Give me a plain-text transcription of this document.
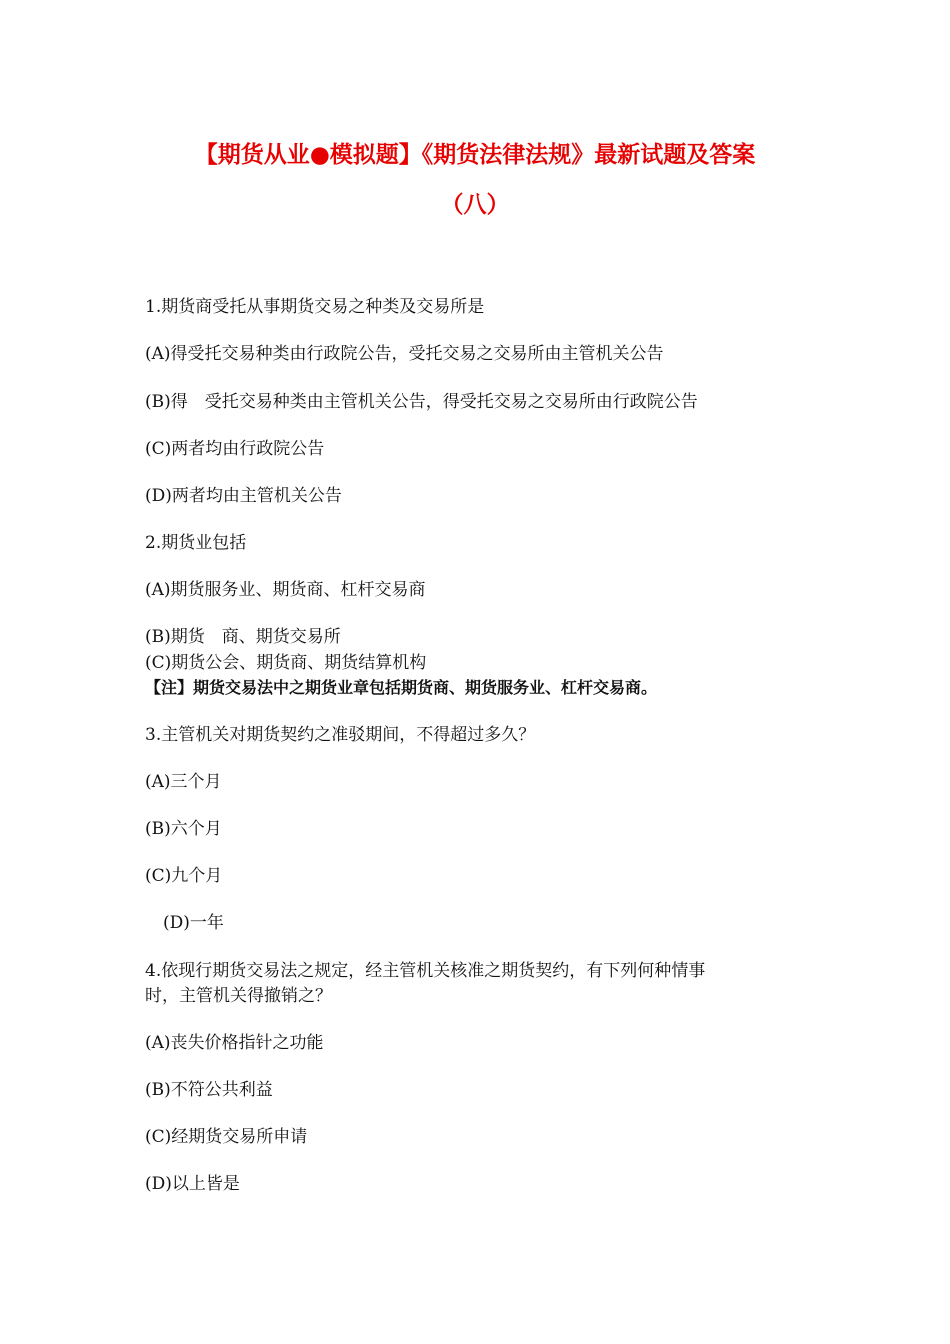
【期货从业●模拟题】《期货法律法规》最新试题及答案
（八）
1.期货商受托从事期货交易之种类及交易所是
(A)得受托交易种类由行政院公告，受托交易之交易所由主管机关公告
(B)得　受托交易种类由主管机关公告，得受托交易之交易所由行政院公告
(C)两者均由行政院公告
(D)两者均由主管机关公告
2.期货业包括
(A)期货服务业、期货商、杠杆交易商
(B)期货　商、期货交易所
(C)期货公会、期货商、期货结算机构
【注】期货交易法中之期货业章包括期货商、期货服务业、杠杆交易商。
3.主管机关对期货契约之准驳期间，不得超过多久？
(A)三个月
(B)六个月
(C)九个月
(D)一年
4.依现行期货交易法之规定，经主管机关核准之期货契约，有下列何种情事
时，主管机关得撤销之？
(A)丧失价格指针之功能
(B)不符公共利益
(C)经期货交易所申请
(D)以上皆是
